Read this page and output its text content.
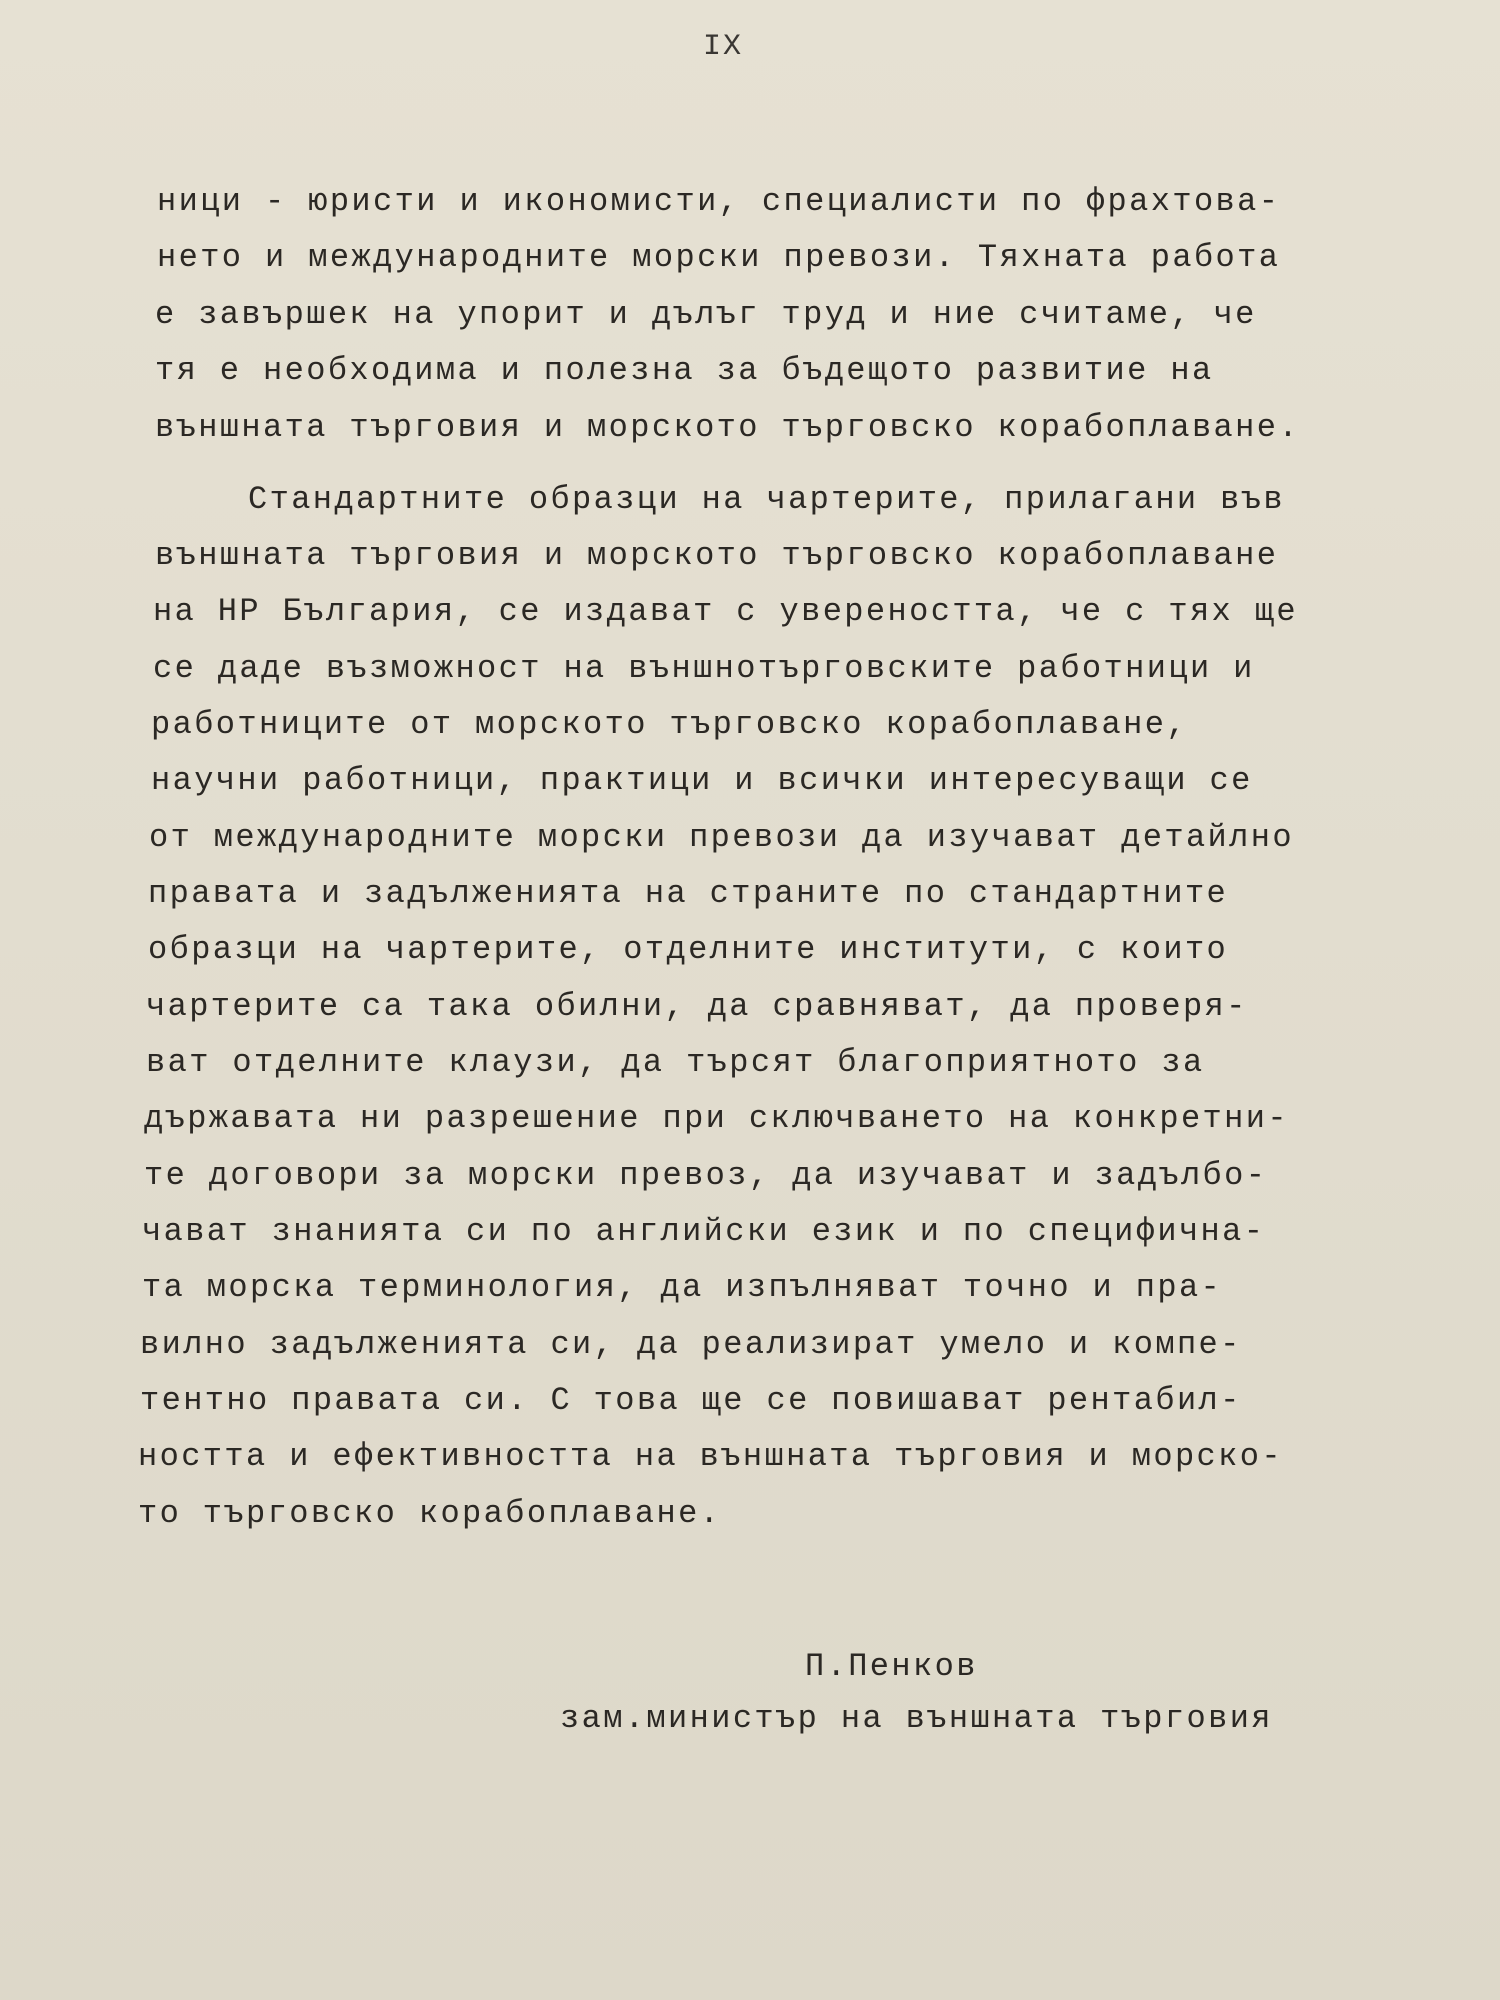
IX
ници - юристи и икономисти, специалисти по фрахтова-
нето и международните морски превози. Тяхната работа
е завършек на упорит и дълъг труд и ние считаме, че
тя е необходима и полезна за бъдещото развитие на
външната търговия и морското търговско корабоплаване.
Стандартните образци на чартерите, прилагани във
външната търговия и морското търговско корабоплаване
на НР България, се издават с увереността, че с тях ще
се даде възможност на външнотърговските работници и
работниците от морското търговско корабоплаване,
научни работници, практици и всички интересуващи се
от международните морски превози да изучават детайлно
правата и задълженията на страните по стандартните
образци на чартерите, отделните институти, с които
чартерите са така обилни, да сравняват, да проверя-
ват отделните клаузи, да търсят благоприятното за
държавата ни разрешение при сключването на конкретни-
те договори за морски превоз, да изучават и задълбо-
чават знанията си по английски език и по специфична-
та морска терминология, да изпълняват точно и пра-
вилно задълженията си, да реализират умело и компе-
тентно правата си. С това ще се повишават рентабил-
ността и ефективността на външната търговия и морско-
то търговско корабоплаване.
П.Пенков
зам.министър на външната търговия
